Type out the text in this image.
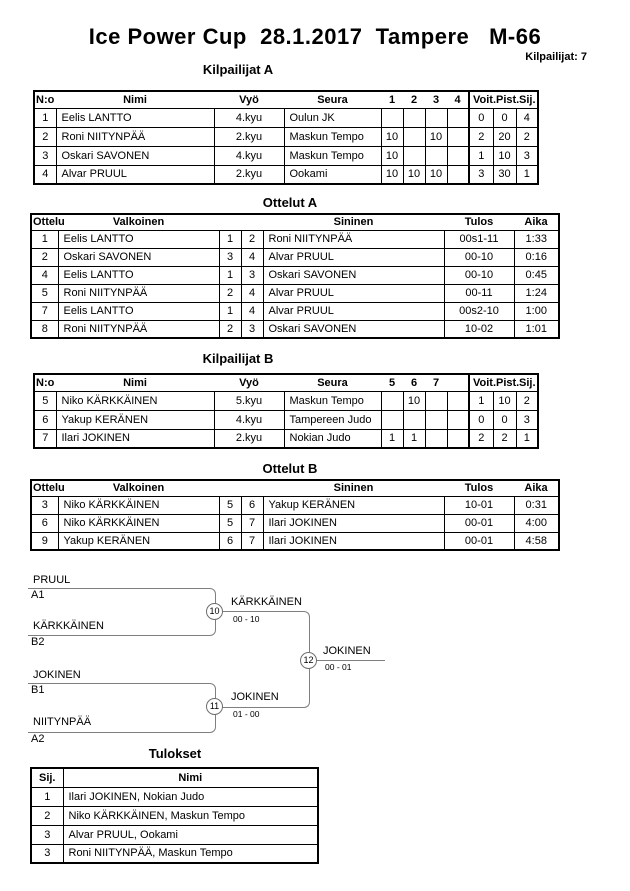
Ice Power Cup  28.1.2017  Tampere   M-66
Kilpailijat: 7
Kilpailijat A
N:o	Nimi	Vyö	Seura	1	2	3	4	Voit.	Pist.	Sij.
1	Eelis LANTTO	4.kyu	Oulun JK					0	0	4
2	Roni NIITYNPÄÄ	2.kyu	Maskun Tempo	10		10		2	20	2
3	Oskari SAVONEN	4.kyu	Maskun Tempo	10				1	10	3
4	Alvar PRUUL	2.kyu	Ookami	10	10	10		3	30	1
Ottelut A
Ottelu	Valkoinen			Sininen	Tulos	Aika
1	Eelis LANTTO	1	2	Roni NIITYNPÄÄ	00s1-11	1:33
2	Oskari SAVONEN	3	4	Alvar PRUUL	00-10	0:16
4	Eelis LANTTO	1	3	Oskari SAVONEN	00-10	0:45
5	Roni NIITYNPÄÄ	2	4	Alvar PRUUL	00-11	1:24
7	Eelis LANTTO	1	4	Alvar PRUUL	00s2-10	1:00
8	Roni NIITYNPÄÄ	2	3	Oskari SAVONEN	10-02	1:01
Kilpailijat B
N:o	Nimi	Vyö	Seura	5	6	7		Voit.	Pist.	Sij.
5	Niko KÄRKKÄINEN	5.kyu	Maskun Tempo		10			1	10	2
6	Yakup KERÄNEN	4.kyu	Tampereen Judo					0	0	3
7	Ilari JOKINEN	2.kyu	Nokian Judo	1	1			2	2	1
Ottelut B
Ottelu	Valkoinen			Sininen	Tulos	Aika
3	Niko KÄRKKÄINEN	5	6	Yakup KERÄNEN	10-01	0:31
6	Niko KÄRKKÄINEN	5	7	Ilari JOKINEN	00-01	4:00
9	Yakup KERÄNEN	6	7	Ilari JOKINEN	00-01	4:58
PRUUL
A1
KÄRKKÄINEN
B2
10
KÄRKKÄINEN
00 - 10
JOKINEN
B1
NIITYNPÄÄ
A2
11
JOKINEN
01 - 00
12
JOKINEN
00 - 01
Tulokset
Sij.	Nimi
1	Ilari JOKINEN, Nokian Judo
2	Niko KÄRKKÄINEN, Maskun Tempo
3	Alvar PRUUL, Ookami
3	Roni NIITYNPÄÄ, Maskun Tempo
